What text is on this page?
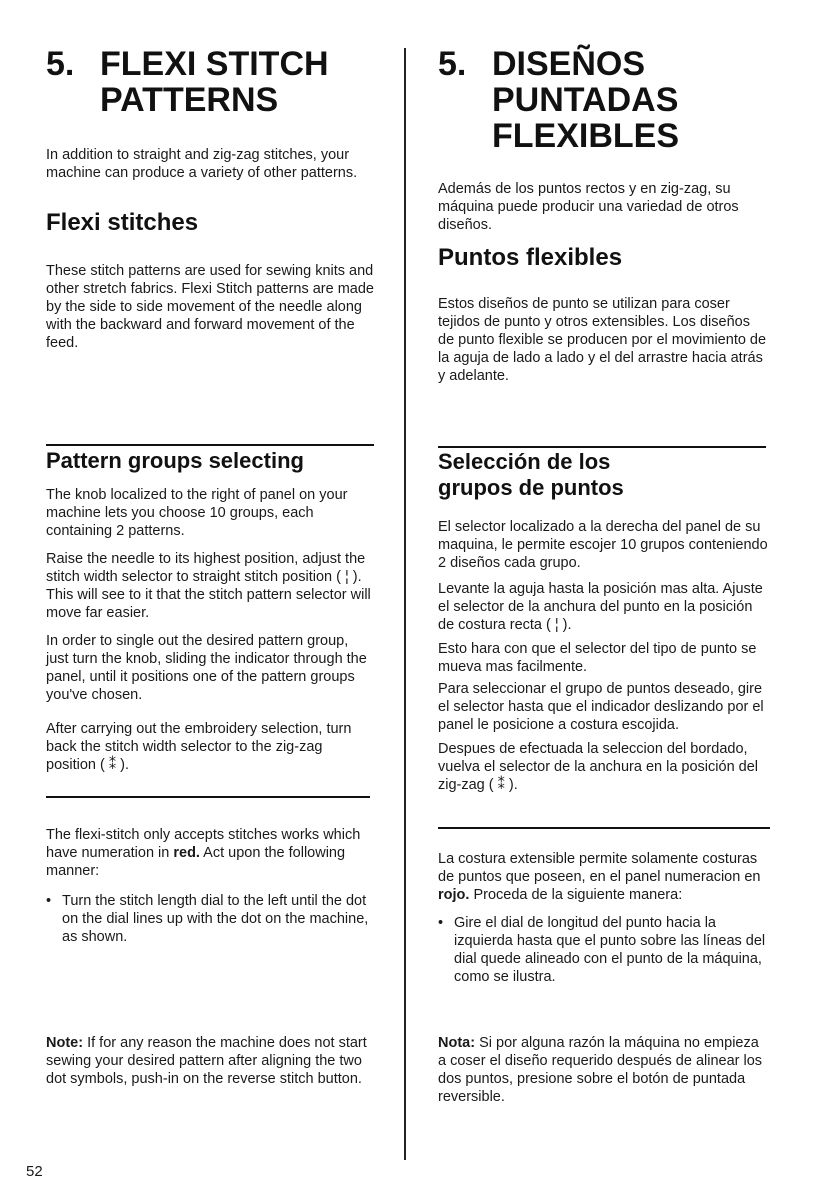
5. FLEXI STITCH
PATTERNS

In addition to straight and zig-zag stitches, your machine can produce a variety of other patterns.

Flexi stitches

These stitch patterns are used for sewing knits and other stretch fabrics. Flexi Stitch patterns are made by the side to side movement of the needle along with the backward and forward movement of the feed.

Pattern groups selecting

The knob localized to the right of panel on your machine lets you choose 10 groups, each containing 2 patterns.

Raise the needle to its highest position, adjust the stitch width selector to straight stitch position ( ¦ ). This will see to it that the stitch pattern selector will move far easier.

In order to single out the desired pattern group, just turn the knob, sliding the indicator through the panel, until it positions one of the pattern groups you've chosen.

After carrying out the embroidery selection, turn back the stitch width selector to the zig-zag position ( ⁑ ).

The flexi-stitch only accepts stitches works which have numeration in red. Act upon the following manner:

• Turn the stitch length dial to the left until the dot on the dial lines up with the dot on the machine, as shown.

Note: If for any reason the machine does not start sewing your desired pattern after aligning the two dot symbols, push-in on the reverse stitch button.

5. DISEÑOS
PUNTADAS
FLEXIBLES

Además de los puntos rectos y en zig-zag, su máquina puede producir una variedad de otros diseños.

Puntos flexibles

Estos diseños de punto se utilizan para coser tejidos de punto y otros extensibles. Los diseños de punto flexible se producen por el movimiento de la aguja de lado a lado y el del arrastre hacia atrás y adelante.

Selección de los
grupos de puntos

El selector localizado a la derecha del panel de su maquina, le permite escojer 10 grupos conteniendo 2 diseños cada grupo.

Levante la aguja hasta la posición mas alta. Ajuste el selector de la anchura del punto en la posición de costura recta ( ¦ ).

Esto hara con que el selector del tipo de punto se mueva mas facilmente.

Para seleccionar el grupo de puntos deseado, gire el selector hasta que el indicador deslizando por el panel le posicione a costura escojida.

Despues de efectuada la seleccion del bordado, vuelva el selector de la anchura en la posición del zig-zag ( ⁑ ).

La costura extensible permite solamente costuras de puntos que poseen, en el panel numeracion en rojo. Proceda de la siguiente manera:

• Gire el dial de longitud del punto hacia la izquierda hasta que el punto sobre las líneas del dial quede alineado con el punto de la máquina, como se ilustra.

Nota: Si por alguna razón la máquina no empieza a coser el diseño requerido después de alinear los dos puntos, presione sobre el botón de puntada reversible.

52
